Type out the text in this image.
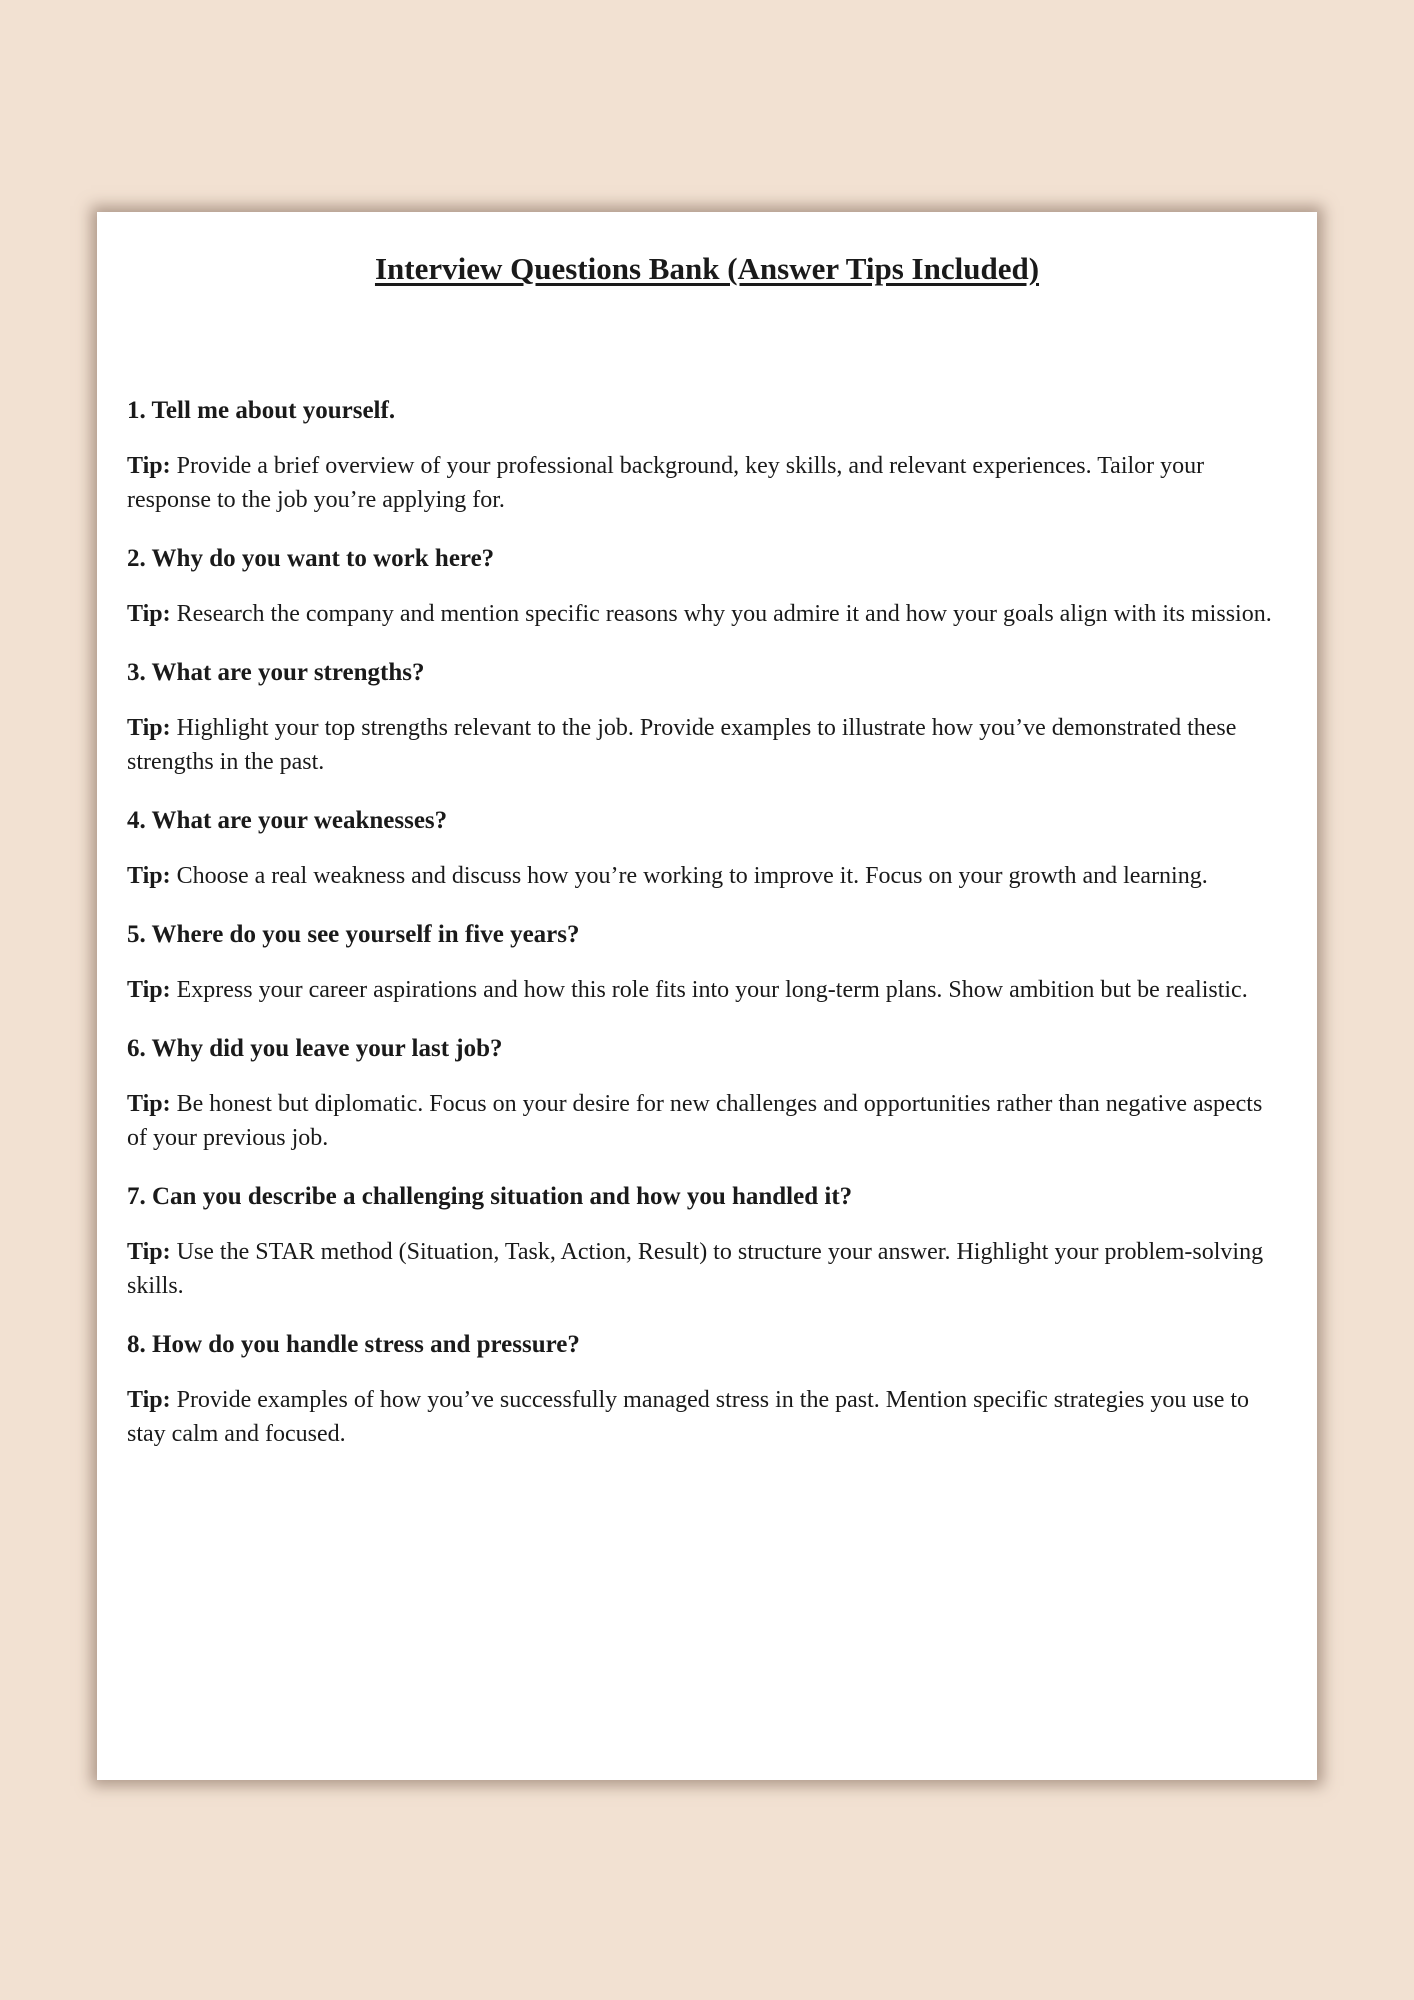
Interview Questions Bank (Answer Tips Included)

1. Tell me about yourself.

Tip: Provide a brief overview of your professional background, key skills, and relevant experiences. Tailor your response to the job you’re applying for.

2. Why do you want to work here?

Tip: Research the company and mention specific reasons why you admire it and how your goals align with its mission.

3. What are your strengths?

Tip: Highlight your top strengths relevant to the job. Provide examples to illustrate how you’ve demonstrated these strengths in the past.

4. What are your weaknesses?

Tip: Choose a real weakness and discuss how you’re working to improve it. Focus on your growth and learning.

5. Where do you see yourself in five years?

Tip: Express your career aspirations and how this role fits into your long-term plans. Show ambition but be realistic.

6. Why did you leave your last job?

Tip: Be honest but diplomatic. Focus on your desire for new challenges and opportunities rather than negative aspects of your previous job.

7. Can you describe a challenging situation and how you handled it?

Tip: Use the STAR method (Situation, Task, Action, Result) to structure your answer. Highlight your problem-solving skills.

8. How do you handle stress and pressure?

Tip: Provide examples of how you’ve successfully managed stress in the past. Mention specific strategies you use to stay calm and focused.
